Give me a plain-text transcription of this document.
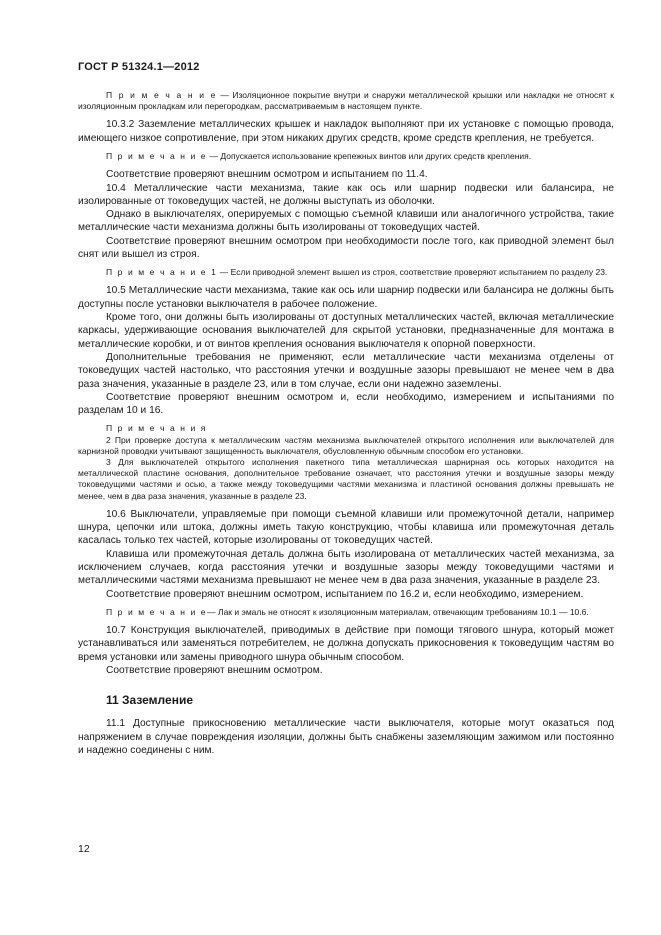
ГОСТ Р 51324.1—2012

П р и м е ч а н и е — Изоляционное покрытие внутри и снаружи металлической крышки или накладки не относят к изоляционным прокладкам или перегородкам, рассматриваемым в настоящем пункте.

10.3.2 Заземление металлических крышек и накладок выполняют при их установке с помощью провода, имеющего низкое сопротивление, при этом никаких других средств, кроме средств крепления, не требуется.

П р и м е ч а н и е — Допускается использование крепежных винтов или других средств крепления.

Соответствие проверяют внешним осмотром и испытанием по 11.4.

10.4 Металлические части механизма, такие как ось или шарнир подвески или балансира, не изолированные от токоведущих частей, не должны выступать из оболочки.

Однако в выключателях, оперируемых с помощью съемной клавиши или аналогичного устройства, такие металлические части механизма должны быть изолированы от токоведущих частей.

Соответствие проверяют внешним осмотром при необходимости после того, как приводной элемент был снят или вышел из строя.

П р и м е ч а н и е 1 — Если приводной элемент вышел из строя, соответствие проверяют испытанием по разделу 23.

10.5 Металлические части механизма, такие как ось или шарнир подвески или балансира не должны быть доступны после установки выключателя в рабочее положение.

Кроме того, они должны быть изолированы от доступных металлических частей, включая металлические каркасы, удерживающие основания выключателей для скрытой установки, предназначенные для монтажа в металлические коробки, и от винтов крепления основания выключателя к опорной поверхности.

Дополнительные требования не применяют, если металлические части механизма отделены от токоведущих частей настолько, что расстояния утечки и воздушные зазоры превышают не менее чем в два раза значения, указанные в разделе 23, или в том случае, если они надежно заземлены.

Соответствие проверяют внешним осмотром и, если необходимо, измерением и испытаниями по разделам 10 и 16.

П р и м е ч а н и я

2 При проверке доступа к металлическим частям механизма выключателей открытого исполнения или выключателей для карнизной проводки учитывают защищенность выключателя, обусловленную обычным способом его установки.

3 Для выключателей открытого исполнения пакетного типа металлическая шарнирная ось которых находится на металлической пластине основания, дополнительное требование означает, что расстояния утечки и воздушные зазоры между токоведущими частями и осью, а также между токоведущими частями механизма и пластиной основания должны превышать не менее, чем в два раза значения, указанные в разделе 23.

10.6 Выключатели, управляемые при помощи съемной клавиши или промежуточной детали, например шнура, цепочки или штока, должны иметь такую конструкцию, чтобы клавиша или промежуточная деталь касалась только тех частей, которые изолированы от токоведущих частей.

Клавиша или промежуточная деталь должна быть изолирована от металлических частей механизма, за исключением случаев, когда расстояния утечки и воздушные зазоры между токоведущими частями и металлическими частями механизма превышают не менее чем в два раза значения, указанные в разделе 23.

Соответствие проверяют внешним осмотром, испытанием по 16.2 и, если необходимо, измерением.

П р и м е ч а н и е— Лак и эмаль не относят к изоляционным материалам, отвечающим требованиям 10.1 — 10.6.

10.7 Конструкция выключателей, приводимых в действие при помощи тягового шнура, который может устанавливаться или заменяться потребителем, не должна допускать прикосновения к токоведущим частям во время установки или замены приводного шнура обычным способом.

Соответствие проверяют внешним осмотром.

11 Заземление

11.1 Доступные прикосновению металлические части выключателя, которые могут оказаться под напряжением в случае повреждения изоляции, должны быть снабжены заземляющим зажимом или постоянно и надежно соединены с ним.

12
